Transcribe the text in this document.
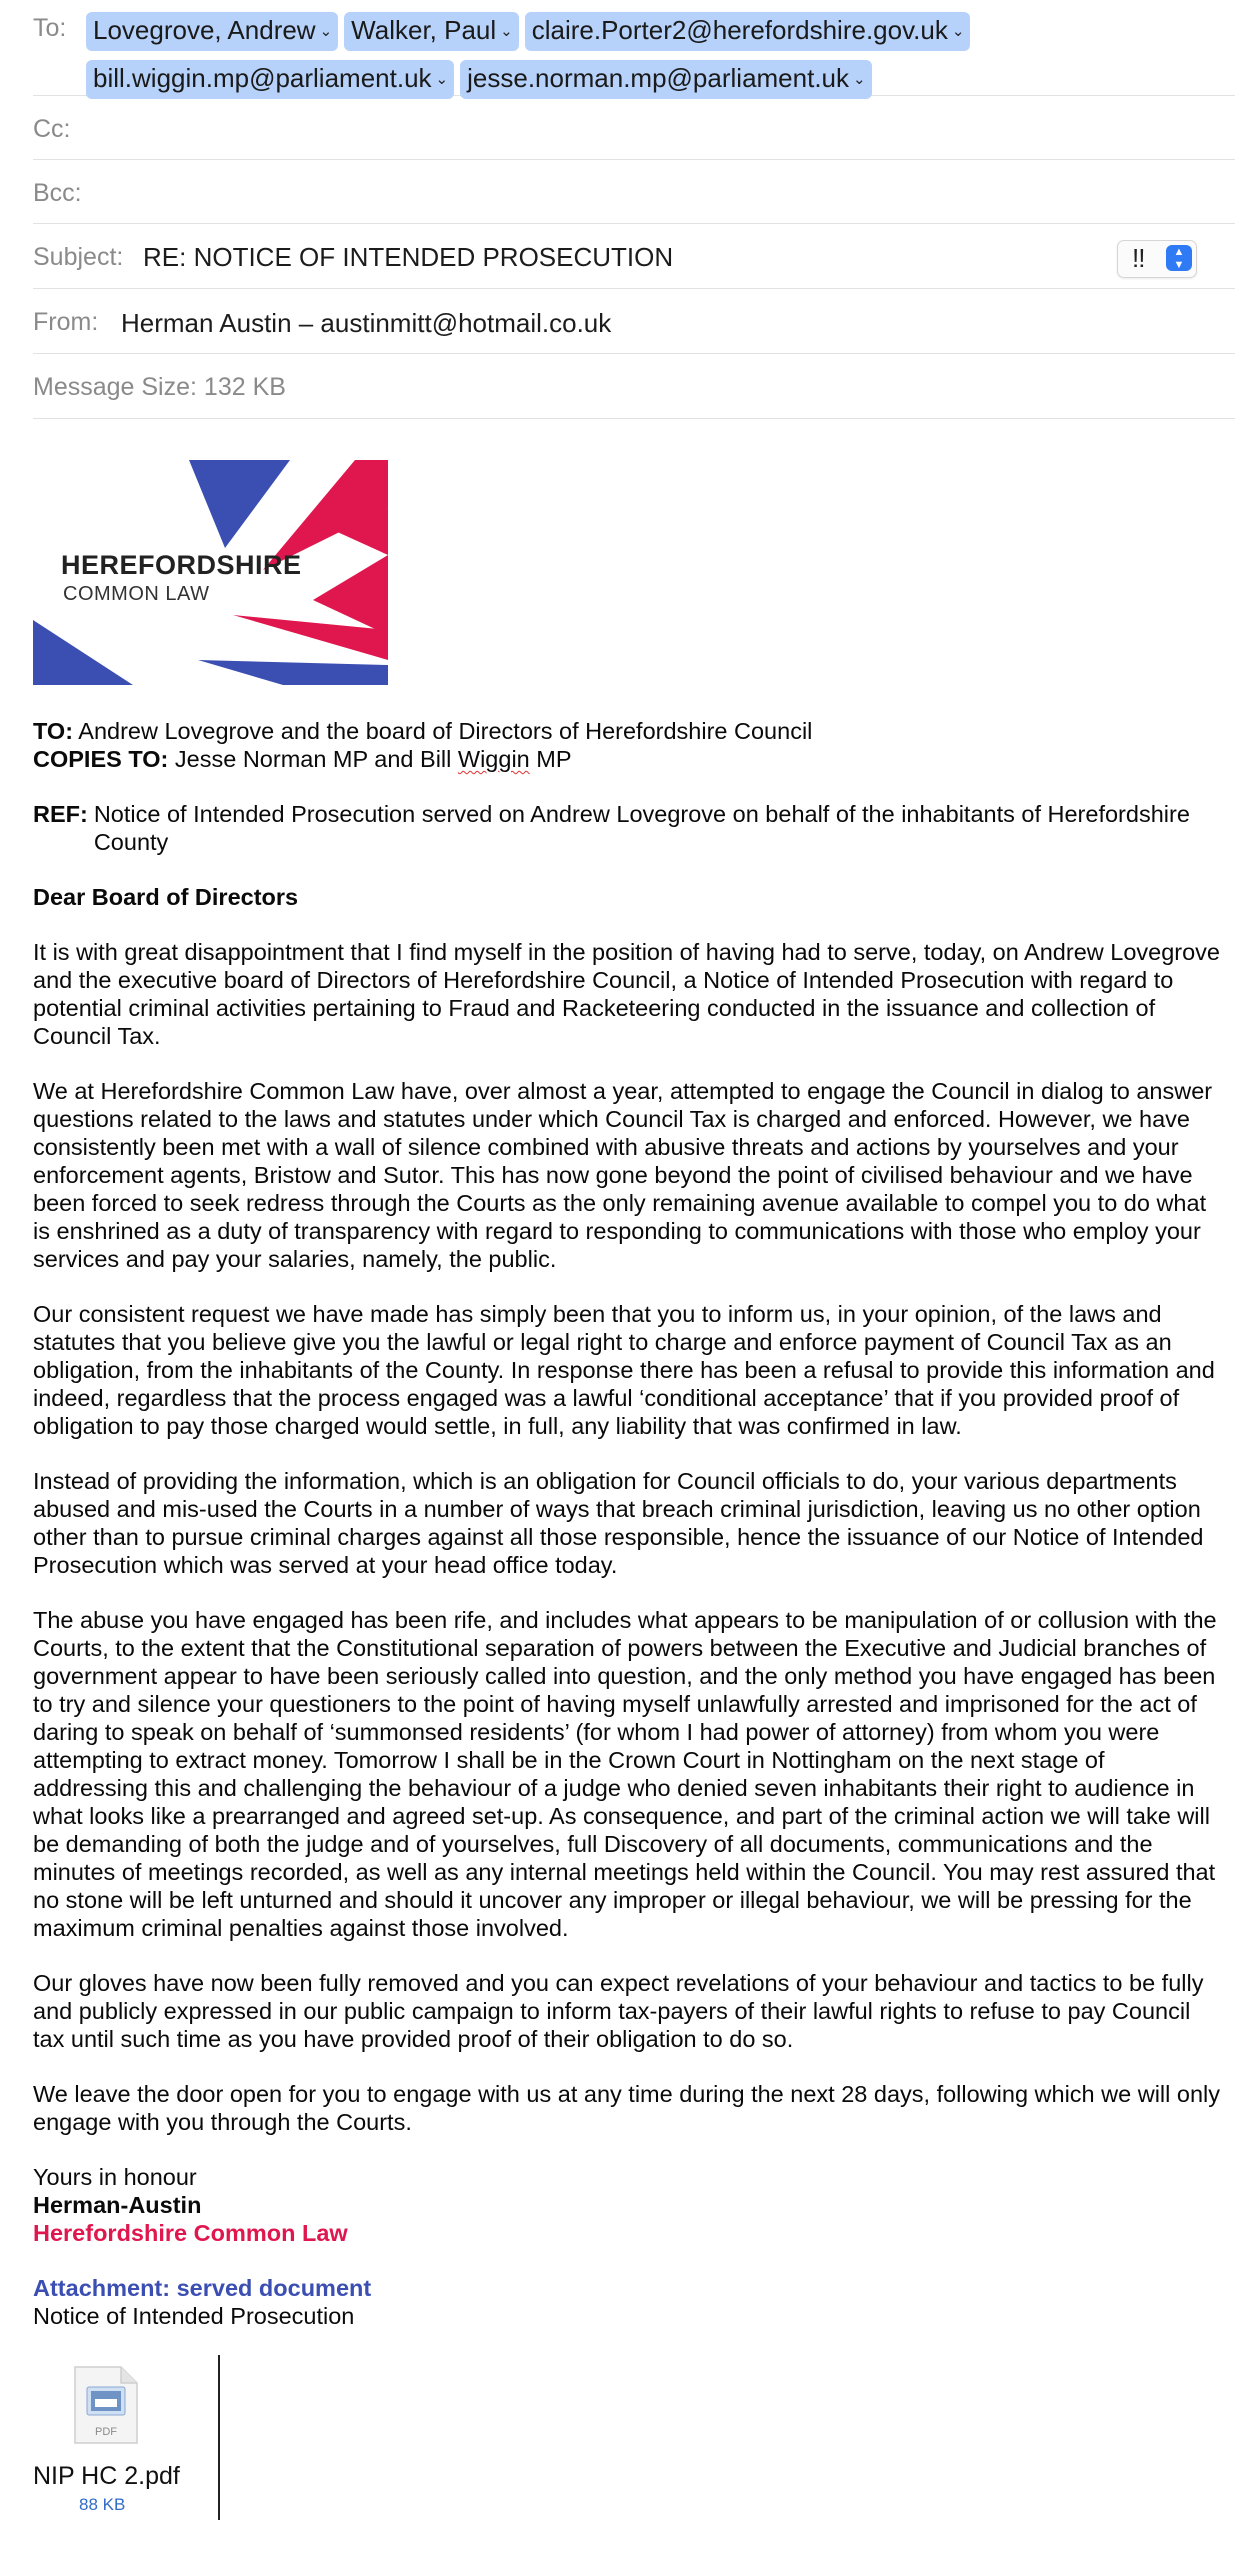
To: Lovegrove, Andrew ⌄ Walker, Paul ⌄ claire.Porter2@herefordshire.gov.uk ⌄
bill.wiggin.mp@parliament.uk ⌄ jesse.norman.mp@parliament.uk ⌄
Cc:
Bcc:
Subject: RE: NOTICE OF INTENDED PROSECUTION	!!	▲
▼
From: Herman Austin – austinmitt@hotmail.co.uk
Message Size: 132 KB
HEREFORDSHIRE
COMMON LAW

TO: Andrew Lovegrove and the board of Directors of Herefordshire Council
COPIES TO: Jesse Norman MP and Bill Wiggin MP

REF: Notice of Intended Prosecution served on Andrew Lovegrove on behalf of the inhabitants of Herefordshire County

Dear Board of Directors

It is with great disappointment that I find myself in the position of having had to serve, today, on Andrew Lovegrove and the executive board of Directors of Herefordshire Council, a Notice of Intended Prosecution with regard to potential criminal activities pertaining to Fraud and Racketeering conducted in the issuance and collection of Council Tax.

We at Herefordshire Common Law have, over almost a year, attempted to engage the Council in dialog to answer questions related to the laws and statutes under which Council Tax is charged and enforced. However, we have consistently been met with a wall of silence combined with abusive threats and actions by yourselves and your enforcement agents, Bristow and Sutor. This has now gone beyond the point of civilised behaviour and we have been forced to seek redress through the Courts as the only remaining avenue available to compel you to do what is enshrined as a duty of transparency with regard to responding to communications with those who employ your services and pay your salaries, namely, the public.

Our consistent request we have made has simply been that you to inform us, in your opinion, of the laws and statutes that you believe give you the lawful or legal right to charge and enforce payment of Council Tax as an obligation, from the inhabitants of the County. In response there has been a refusal to provide this information and indeed, regardless that the process engaged was a lawful ‘conditional acceptance’ that if you provided proof of obligation to pay those charged would settle, in full, any liability that was confirmed in law.

Instead of providing the information, which is an obligation for Council officials to do, your various departments abused and mis-used the Courts in a number of ways that breach criminal jurisdiction, leaving us no other option other than to pursue criminal charges against all those responsible, hence the issuance of our Notice of Intended Prosecution which was served at your head office today.

The abuse you have engaged has been rife, and includes what appears to be manipulation of or collusion with the Courts, to the extent that the Constitutional separation of powers between the Executive and Judicial branches of government appear to have been seriously called into question, and the only method you have engaged has been to try and silence your questioners to the point of having myself unlawfully arrested and imprisoned for the act of daring to speak on behalf of ‘summonsed residents’ (for whom I had power of attorney) from whom you were attempting to extract money. Tomorrow I shall be in the Crown Court in Nottingham on the next stage of addressing this and challenging the behaviour of a judge who denied seven inhabitants their right to audience in what looks like a prearranged and agreed set-up. As consequence, and part of the criminal action we will take will be demanding of both the judge and of yourselves, full Discovery of all documents, communications and the minutes of meetings recorded, as well as any internal meetings held within the Council. You may rest assured that no stone will be left unturned and should it uncover any improper or illegal behaviour, we will be pressing for the maximum criminal penalties against those involved.

Our gloves have now been fully removed and you can expect revelations of your behaviour and tactics to be fully and publicly expressed in our public campaign to inform tax-payers of their lawful rights to refuse to pay Council tax until such time as you have provided proof of their obligation to do so.

We leave the door open for you to engage with us at any time during the next 28 days, following which we will only engage with you through the Courts.

Yours in honour
Herman-Austin
Herefordshire Common Law

Attachment: served document
Notice of Intended Prosecution

PDF
NIP HC 2.pdf
88 KB
